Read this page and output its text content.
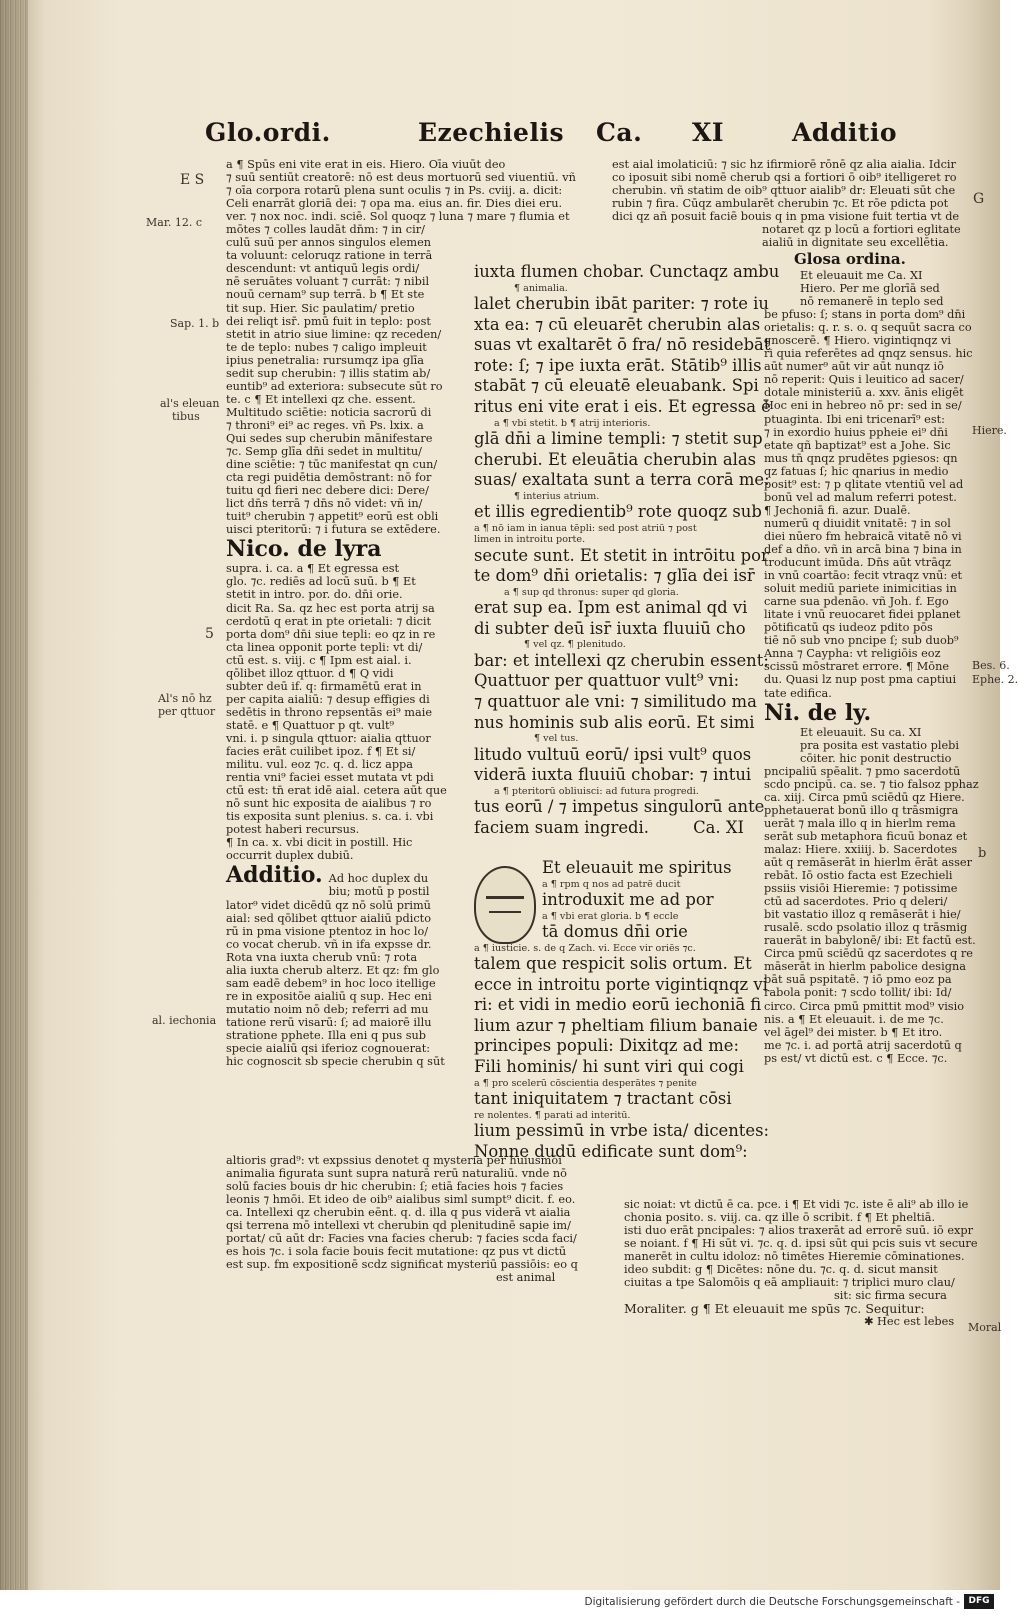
Glo.ordi.	Ezechielis Ca. XI	Additio
E S
Mar. 12. c
Sap. 1. b
al's eleuan
tibus
5
Al's nō hz
per qttuor
al. iechonia
G
Hiere.
Bes. 6.
Ephe. 2.
b
Moral
a ¶ Spūs eni vite erat in eis. Hiero. Oīa viuūt deo
⁊ suū sentiūt creatorē: nō est deus mortuorū sed viuentiū. vñ
⁊ oīa corpora rotarū plena sunt oculis ⁊ in Ps. cviij. a. dicit:
Celi enarrāt gloriā dei: ⁊ opa ma. eius an. fir. Dies diei eru.
ver. ⁊ nox noc. indi. sciē. Sol quoqz ⁊ luna ⁊ mare ⁊ flumia et
mōtes ⁊ colles laudāt dn̄m: ⁊ in cir/
culū suū per annos singulos elemen
ta voluunt: celoruqz ratione in terrā
descendunt: vt antiquū legis ordi/
nē seruātes voluant ⁊ currāt: ⁊ nibil
nouū cernam⁹ sup terrā. b ¶ Et ste
tit sup. Hier. Sic paulatim/ pretio
dei reliqt isr̄. pmū fuit in teplo: post
stetit in atrio siue limine: qz receden/
te de teplo: nubes ⁊ caligo impleuit
ipius penetralia: rursumqz ipa glīa
sedit sup cherubin: ⁊ illis statim ab/
euntib⁹ ad exteriora: subsecute sūt ro
te. c ¶ Et intellexi qz che. essent.
Multitudo sciētie: noticia sacrorū di
⁊ throni⁹ ei⁹ ac reges. vñ Ps. lxix. a
Qui sedes sup cherubin mānifestare
⁊c. Semp glīa dn̄i sedet in multitu/
dine sciētie: ⁊ tūc manifestat qn cun/
cta regi puidētia demōstrant: nō for
tuitu qd fieri nec debere dici: Dere/
lict dn̄s terrā ⁊ dn̄s nō videt: vñ in/
tuit⁹ cherubin ⁊ appetit⁹ eorū est obli
uisci pteritorū: ⁊ i futura se extēdere.
Nico. de lyra
supra. i. ca. a ¶ Et egressa est
glo. ⁊c. rediēs ad locū suū. b ¶ Et
stetit in intro. por. do. dn̄i orie.
dicit Ra. Sa. qz hec est porta atrij sa
cerdotū q erat in pte orietali: ⁊ dicit
porta dom⁹ dn̄i siue tepli: eo qz in re
cta linea opponit porte tepli: vt di/
ctū est. s. viij. c ¶ Ipm est aial. i.
qōlibet illoz qttuor. d ¶ Q vidi
subter deū if. q: firmamētū erat in
per capita aialiū: ⁊ desup effigies di
sedētis in throno repsentās ei⁹ maie
statē. e ¶ Quattuor p qt. vult⁹
vni. i. p singula qttuor: aialia qttuor
facies erāt cuilibet ipoz. f ¶ Et si/
militu. vul. eoz ⁊c. q. d. licz appa
rentia vni⁹ faciei esset mutata vt pdi
ctū est: tn̄ erat idē aial. cetera aūt que
nō sunt hic exposita de aialibus ⁊ ro
tis exposita sunt plenius. s. ca. i. vbi
potest haberi recursus.
¶ In ca. x. vbi dicit in postill. Hic
occurrit duplex dubiū.
Additio. Ad hoc duplex du
biu; motū p postil
lator⁹ videt dicēdū qz nō solū primū
aial: sed qōlibet qttuor aialiū pdicto
rū in pma visione ptentoz in hoc lo/
co vocat cherub. vñ in ifa expsse dr.
Rota vna iuxta cherub vnū: ⁊ rota
alia iuxta cherub alterz. Et qz: fm glo
sam eadē debem⁹ in hoc loco itellige
re in expositōe aialiū q sup. Hec eni
mutatio noim nō deb; referri ad mu
tatione rerū visarū: ſ; ad maiorē illu
stratione pphete. Illa eni q pus sub
specie aialiū qsi iferioz cognouerat:
hic cognoscit sb specie cherubin q sūt
altioris grad⁹: vt expssius denotet q mysteria per huiusmōi
animalia figurata sunt supra naturā rerū naturaliū. vnde nō
solū facies bouis dr hic cherubin: ſ; etiā facies hois ⁊ facies
leonis ⁊ hmōi. Et ideo de oib⁹ aialibus siml sumpt⁹ dicit. f. eo.
ca. Intellexi qz cherubin eēnt. q. d. illa q pus viderā vt aialia
qsi terrena mō intellexi vt cherubin qd plenitudinē sapie im/
portat/ cū aūt dr: Facies vna facies cherub: ⁊ facies scda faci/
es hois ⁊c. i sola facie bouis fecit mutatione: qz pus vt dictū
est sup. fm expositionē scdz significat mysteriū passiōis: eo q
est animal
iuxta flumen chobar. Cunctaqz ambu
¶ animalia.
lalet cherubin ibāt pariter: ⁊ rote iu
xta ea: ⁊ cū eleuarēt cherubin alas
suas vt exaltarēt ō fra/ nō residebāt
rote: ſ; ⁊ ipe iuxta erāt. Stātib⁹ illis
stabāt ⁊ cū eleuatē eleuabank. Spi
ritus eni vite erat i eis. Et egressa ē
a ¶ vbi stetit. b ¶ atrij interioris.
glā dn̄i a limine templi: ⁊ stetit sup
cherubi. Et eleuātia cherubin alas
suas/ exaltata sunt a terra corā me:
¶ interius atrium.
et illis egredientib⁹ rote quoqz sub
a ¶ nō iam in ianua tēpli: sed post atriū ⁊ post
limen in introitu porte.
secute sunt. Et stetit in intrōitu por
te dom⁹ dn̄i orietalis: ⁊ glīa dei isr̄
a ¶ sup qd thronus: super qd gloria.
erat sup ea. Ipm est animal qd vi
di subter deū isr̄ iuxta fluuiū cho
¶ vel qz. ¶ plenitudo.
bar: et intellexi qz cherubin essent:
Quattuor per quattuor vult⁹ vni:
⁊ quattuor ale vni: ⁊ similitudo ma
nus hominis sub alis eorū. Et simi
¶ vel tus.
litudo vultuū eorū/ ipsi vult⁹ quos
viderā iuxta fluuiū chobar: ⁊ intui
a ¶ pteritorū obliuisci: ad futura progredi.
tus eorū / ⁊ impetus singulorū ante
faciem suam ingredi.	Ca. XI
Et eleuauit me spiritus
a ¶ rpm q nos ad patrē ducit
introduxit me ad por
a ¶ vbi erat gloria. b ¶ eccle
tā domus dn̄i orie
a ¶ iusticie. s. de q Zach. vi. Ecce vir oriēs ⁊c.
talem que respicit solis ortum. Et
ecce in introitu porte vigintiqnqz vi
ri: et vidi in medio eorū iechoniā fi
lium azur ⁊ pheltiam filium banaie
principes populi: Dixitqz ad me:
Fili hominis/ hi sunt viri qui cogi
a ¶ pro scelerū cōscientia desperātes ⁊ penite
tant iniquitatem ⁊ tractant cōsi
re nolentes. ¶ parati ad interitū.
lium pessimū in vrbe ista/ dicentes:
Nonne dudū edificate sunt dom⁹:
est aial imolaticiū: ⁊ sic hz ifirmiorē rōnē qz alia aialia. Idcir
co iposuit sibi nomē cherub qsi a fortiori ō oib⁹ itelligeret ro
cherubin. vñ statim de oib⁹ qttuor aialib⁹ dr: Eleuati sūt che
rubin ⁊ fira. Cūqz ambularēt cherubin ⁊c. Et rōe pdicta pot
dici qz añ posuit faciē bouis q in pma visione fuit tertia vt de
notaret qz p locū a fortiori eglitate
aialiū in dignitate seu excellētia.
Glosa ordina.
Et eleuauit me Ca. XI
Hiero. Per me glorīā sed
nō remanerē in teplo sed
be pfuso: ſ; stans in porta dom⁹ dn̄i
orietalis: q. r. s. o. q sequūt sacra co
gnoscerē. ¶ Hiero. vigintiqnqz vi
ri quia referētes ad qnqz sensus. hic
aūt numer⁹ aūt vir aūt nunqz iō
nō reperit: Quis i leuitico ad sacer/
dotale ministeriū a. xxv. ānis eligēt
Hoc eni in hebreo nō pr: sed in se/
ptuaginta. Ibi eni tricenarī⁹ est:
⁊ in exordio huius ppheie ei⁹ dn̄i
etate qñ baptizat⁹ est a Johe. Sic
mus tn̄ qnqz prudētes pgiesos: qn
qz fatuas ſ; hic qnarius in medio
posit⁹ est: ⁊ p qlitate vtentiū vel ad
bonū vel ad malum referri potest.
¶ Jechoniā fi. azur. Dualē.
numerū q diuidit vnitatē: ⁊ in sol
diei nūero fm hebraicā vitatē nō vi
def a dn̄o. vñ in arcā bina ⁊ bina in
troducunt imūda. Dn̄s aūt vtrāqz
in vnū coartāo: fecit vtraqz vnū: et
soluit mediū pariete inimicitias in
carne sua pdenāo. vñ Joh. f. Ego
litate i vnū reuocaret fidei pplanet
pōtificatū qs iudeoz pdito pōs
tiē nō sub vno pncipe ſ; sub duob⁹
Anna ⁊ Caypha: vt religiōis eoz
scissū mōstraret errore. ¶ Mōne
du. Quasi lz nup post pma captiui
tate edifica.
Ni. de ly.
Et eleuauit. Su ca. XI
pra posita est vastatio plebi
cōiter. hic ponit destructio
pncipaliū spēalit. ⁊ pmo sacerdotū
scdo pncipū. ca. se. ⁊ tio falsoz pphaz
ca. xiij. Circa pmū sciēdū qz Hiere.
pphetauerat bonū illo q trāsmigra
uerāt ⁊ mala illo q in hierlm rema
serāt sub metaphora ficuū bonaz et
malaz: Hiere. xxiiij. b. Sacerdotes
aūt q remāserāt in hierlm ērāt asser
rebāt. Iō ostio facta est Ezechieli
pssiis visiōi Hieremie: ⁊ potissime
ctū ad sacerdotes. Prio q deleri/
bit vastatio illoz q remāserāt i hie/
rusalē. scdo psolatio illoz q trāsmig
rauerāt in babylonē/ ibi: Et factū est.
Circa pmū sciēdū qz sacerdotes q re
māserāt in hierlm pabolice designa
bāt suā pspitatē. ⁊ iō pmo eoz pa
rabola ponit: ⁊ scdo tollit/ ibi: Id/
circo. Circa pmū pmittit mod⁹ visio
nis. a ¶ Et eleuauit. i. de me ⁊c.
vel āgel⁹ dei mister. b ¶ Et itro.
me ⁊c. i. ad portā atrij sacerdotū q
ps est/ vt dictū est. c ¶ Ecce. ⁊c.
sic noiat: vt dictū ē ca. pce. i ¶ Et vidi ⁊c. iste ē ali⁹ ab illo ie
chonia posito. s. viij. ca. qz ille ō scribit. f ¶ Et pheltiā.
isti duo erāt pncipales: ⁊ alios traxerāt ad errorē suū. iō expr
se noiant. f ¶ Hi sūt vi. ⁊c. q. d. ipsi sūt qui pcis suis vt secure
manerēt in cultu idoloz: nō timētes Hieremie cōminationes.
ideo subdit: g ¶ Dicētes: nōne du. ⁊c. q. d. sicut mansit
ciuitas a tpe Salomōis q eā ampliauit: ⁊ triplici muro clau/
sit: sic firma secura
Moraliter. g ¶ Et eleuauit me spūs ⁊c. Sequitur:
✱ Hec est lebes
Digitalisierung gefördert durch die Deutsche Forschungsgemeinschaft - DFG
